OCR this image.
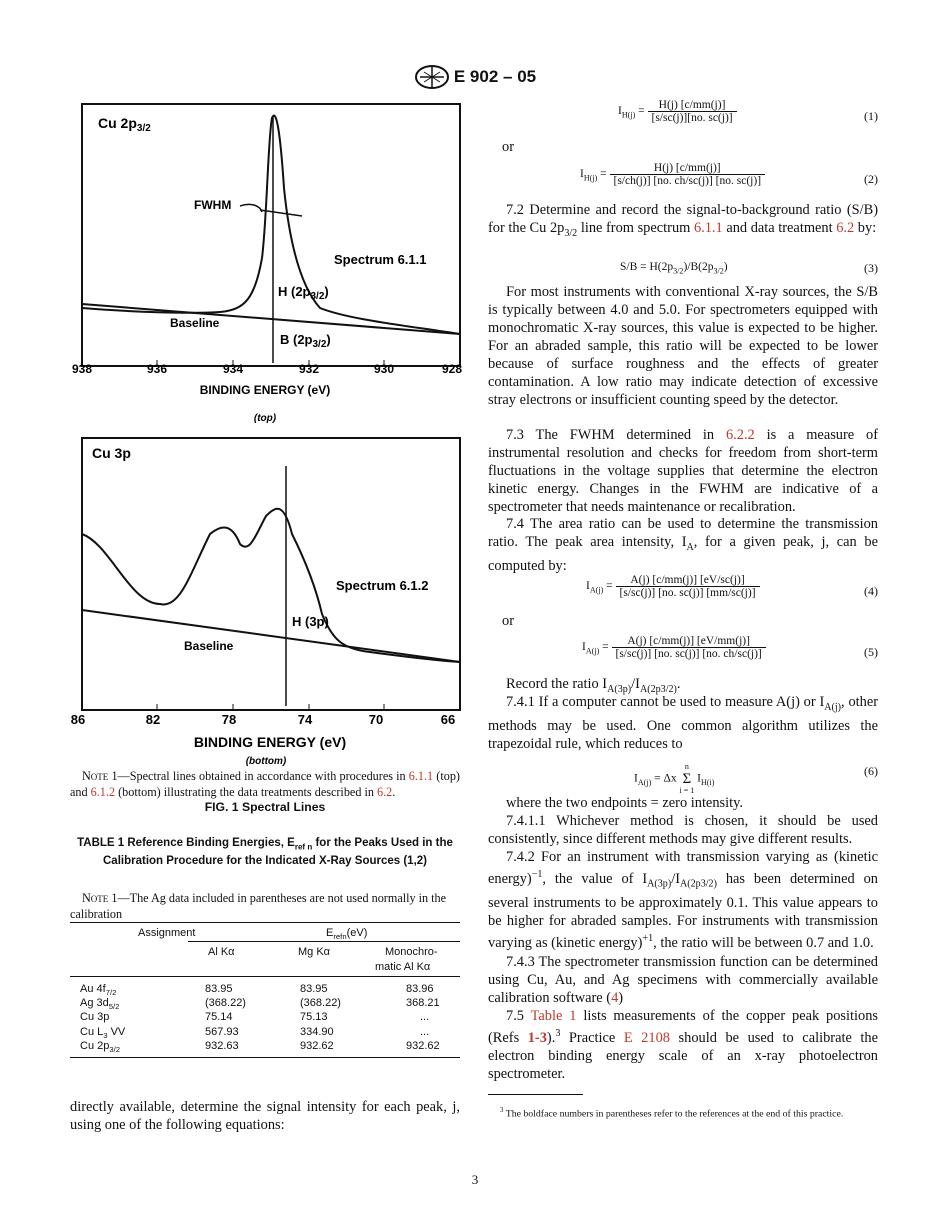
E 902 – 05
Cu $2p_{3/2}$
FWHM
Spectrum 6.1.1
H $(2p_{3/2})$
Baseline
B $(2p_{3/2})$
938	936	934	932	930	928
BINDING ENERGY (eV)
(top)
Cu 3p
Spectrum 6.1.2
H (3p)
Baseline
86	82	78	74	70	66
BINDING ENERGY (eV)
(bottom)
Note 1—Spectral lines obtained in accordance with procedures in 6.1.1 (top) and 6.1.2 (bottom) illustrating the data treatments described in 6.2.
FIG. 1 Spectral Lines
TABLE 1 Reference Binding Energies, $E_{ref n}$ for the Peaks Used in the Calibration Procedure for the Indicated X-Ray Sources (1,2)
Note 1—The Ag data included in parentheses are not used normally in the calibration
Assignment	$E_{refn}(eV)$
Al Kα	Mg Kα	Monochro-
matic Al Kα
Au $4f_{7/2}$	83.95	83.95	83.96
Ag $3d_{5/2}$	(368.22)	(368.22)	368.21
Cu 3p	75.14	75.13	...
Cu $L_3$ VV	567.93	334.90	...
Cu $2p_{3/2}$	932.63	932.62	932.62
directly available, determine the signal intensity for each peak, j, using one of the following equations:
$I_{H(j)} = \frac{H(j) [c/mm(j)]}{[s/sc(j)][no. sc(j)]}$	(1)
or
$I_{H(j)} = \frac{H(j) [c/mm(j)]}{[s/ch(j)] [no. ch/sc(j)] [no. sc(j)]}$	(2)
7.2 Determine and record the signal-to-background ratio (S/B) for the Cu $2p_{3/2}$ line from spectrum 6.1.1 and data treatment 6.2 by:
$S/B = H(2p_{3/2})/B(2p_{3/2})$	(3)
For most instruments with conventional X-ray sources, the S/B is typically between 4.0 and 5.0. For spectrometers equipped with monochromatic X-ray sources, this value is expected to be higher. For an abraded sample, this ratio will be expected to be lower because of surface roughness and the effects of greater contamination. A low ratio may indicate detection of excessive stray electrons or insufficient counting speed by the detector.
7.3 The FWHM determined in 6.2.2 is a measure of instrumental resolution and checks for freedom from short-term fluctuations in the voltage supplies that determine the electron kinetic energy. Changes in the FWHM are indicative of a spectrometer that needs maintenance or recalibration.
7.4 The area ratio can be used to determine the transmission ratio. The peak area intensity, $I_A$, for a given peak, j, can be computed by:
$I_{A(j)} = \frac{A(j) [c/mm(j)] [eV/sc(j)]}{[s/sc(j)] [no. sc(j)] [mm/sc(j)]}$	(4)
or
$I_{A(j)} = \frac{A(j) [c/mm(j)] [eV/mm(j)]}{[s/sc(j)] [no. sc(j)] [no. ch/sc(j)]}$	(5)
Record the ratio $I_{A(3p)}/I_{A(2p3/2)}$.
7.4.1 If a computer cannot be used to measure A(j) or $I_{A(j)}$, other methods may be used. One common algorithm utilizes the trapezoidal rule, which reduces to
$I_{A(j)} = \Delta x$
n
Σ
i = 1
$I_{H(i)}$
(6)
where the two endpoints = zero intensity.
7.4.1.1 Whichever method is chosen, it should be used consistently, since different methods may give different results.
7.4.2 For an instrument with transmission varying as (kinetic energy)$^{-1}$, the value of $I_{A(3p)}/I_{A(2p3/2)}$ has been determined on several instruments to be approximately 0.1. This value appears to be higher for abraded samples. For instruments with transmission varying as (kinetic energy)$^{+1}$, the ratio will be between 0.7 and 1.0.
7.4.3 The spectrometer transmission function can be determined using Cu, Au, and Ag specimens with commercially available calibration software (4)
7.5 Table 1 lists measurements of the copper peak positions (Refs 1-3).$^3$ Practice E 2108 should be used to calibrate the electron binding energy scale of an x-ray photoelectron spectrometer.
$^3$ The boldface numbers in parentheses refer to the references at the end of this practice.
3
